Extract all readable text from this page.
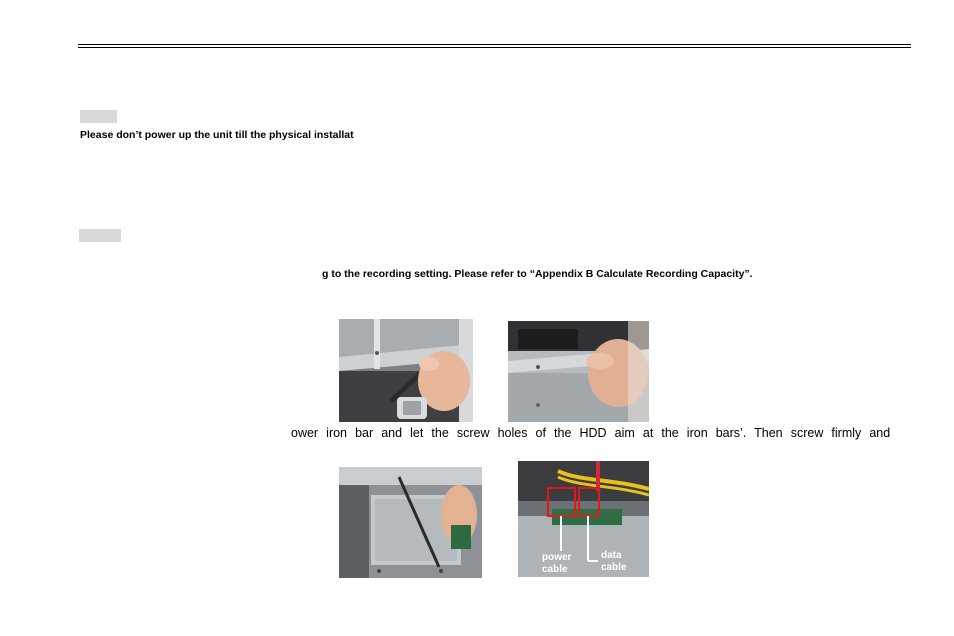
Please don’t power up the unit till the physical installat
g to the recording setting. Please refer to “Appendix B Calculate Recording Capacity”.
ower iron bar and let the screw holes of the HDD aim at the iron bars’. Then screw firmly and
power
cable
data
cable
